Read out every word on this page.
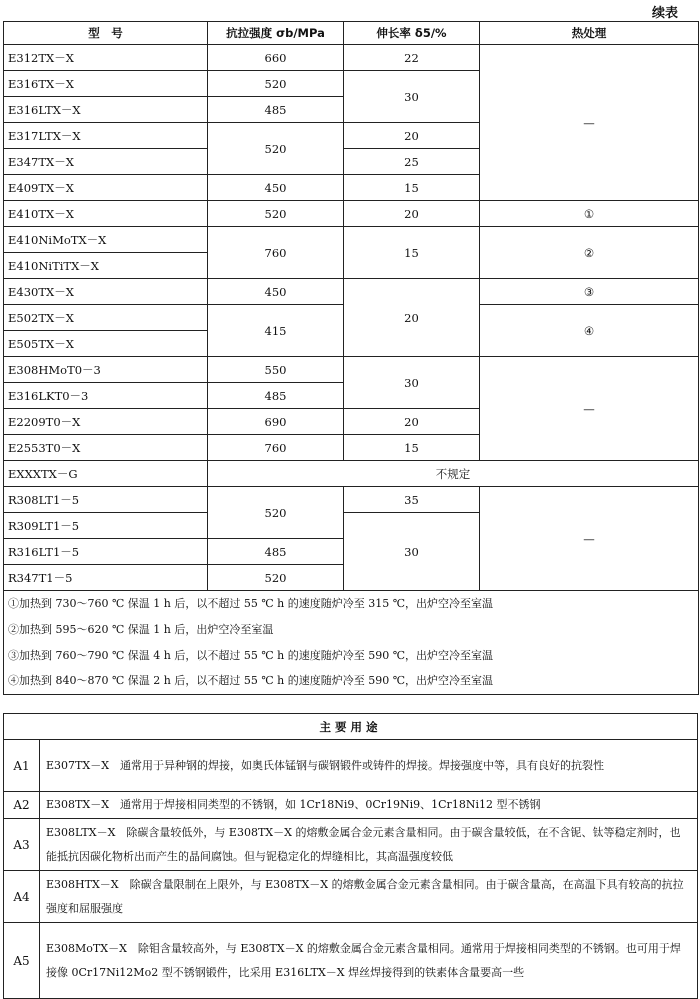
续表
型　号	抗拉强度 σb/MPa	伸长率 δ5/%	热处理
E312TX－X	660	22	—
E316TX－X	520	30	
E316LTX－X	485		
E317LTX－X	520	20	
E347TX－X		25	
E409TX－X	450	15	
E410TX－X	520	20	①
E410NiMoTX－X	760	15	②
E410NiTiTX－X			
E430TX－X	450	20	③
E502TX－X	415		④
E505TX－X			
E308HMoT0－3	550	30	—
E316LKT0－3	485		
E2209T0－X	690	20	
E2553T0－X	760	15	
EXXXTX－G	不规定		
R308LT1－5	520	35	—
R309LT1－5		30	
R316LT1－5	485		
R347T1－5	520		
①加热到 730～760 ℃ 保温 1 h 后，以不超过 55 ℃ h 的速度随炉冷至 315 ℃，出炉空冷至室温			
②加热到 595～620 ℃ 保温 1 h 后，出炉空冷至室温			
③加热到 760～790 ℃ 保温 4 h 后，以不超过 55 ℃ h 的速度随炉冷至 590 ℃，出炉空冷至室温			
④加热到 840～870 ℃ 保温 2 h 后，以不超过 55 ℃ h 的速度随炉冷至 590 ℃，出炉空冷至室温			
主要用途	
A1	E307TX－X　通常用于异种钢的焊接，如奥氏体锰钢与碳钢锻件或铸件的焊接。焊接强度中等，具有良好的抗裂性
A2	E308TX－X　通常用于焊接相同类型的不锈钢，如 1Cr18Ni9、0Cr19Ni9、1Cr18Ni12 型不锈钢
A3	E308LTX－X　除碳含量较低外，与 E308TX－X 的熔敷金属合金元素含量相同。由于碳含量较低，在不含铌、钛等稳定剂时，也能抵抗因碳化物析出而产生的晶间腐蚀。但与铌稳定化的焊缝相比，其高温强度较低
A4	E308HTX－X　除碳含量限制在上限外，与 E308TX－X 的熔敷金属合金元素含量相同。由于碳含量高，在高温下具有较高的抗拉强度和屈服强度
A5	E308MoTX－X　除钼含量较高外，与 E308TX－X 的熔敷金属合金元素含量相同。通常用于焊接相同类型的不锈钢。也可用于焊接像 0Cr17Ni12Mo2 型不锈钢锻件，比采用 E316LTX－X 焊丝焊接得到的铁素体含量要高一些
